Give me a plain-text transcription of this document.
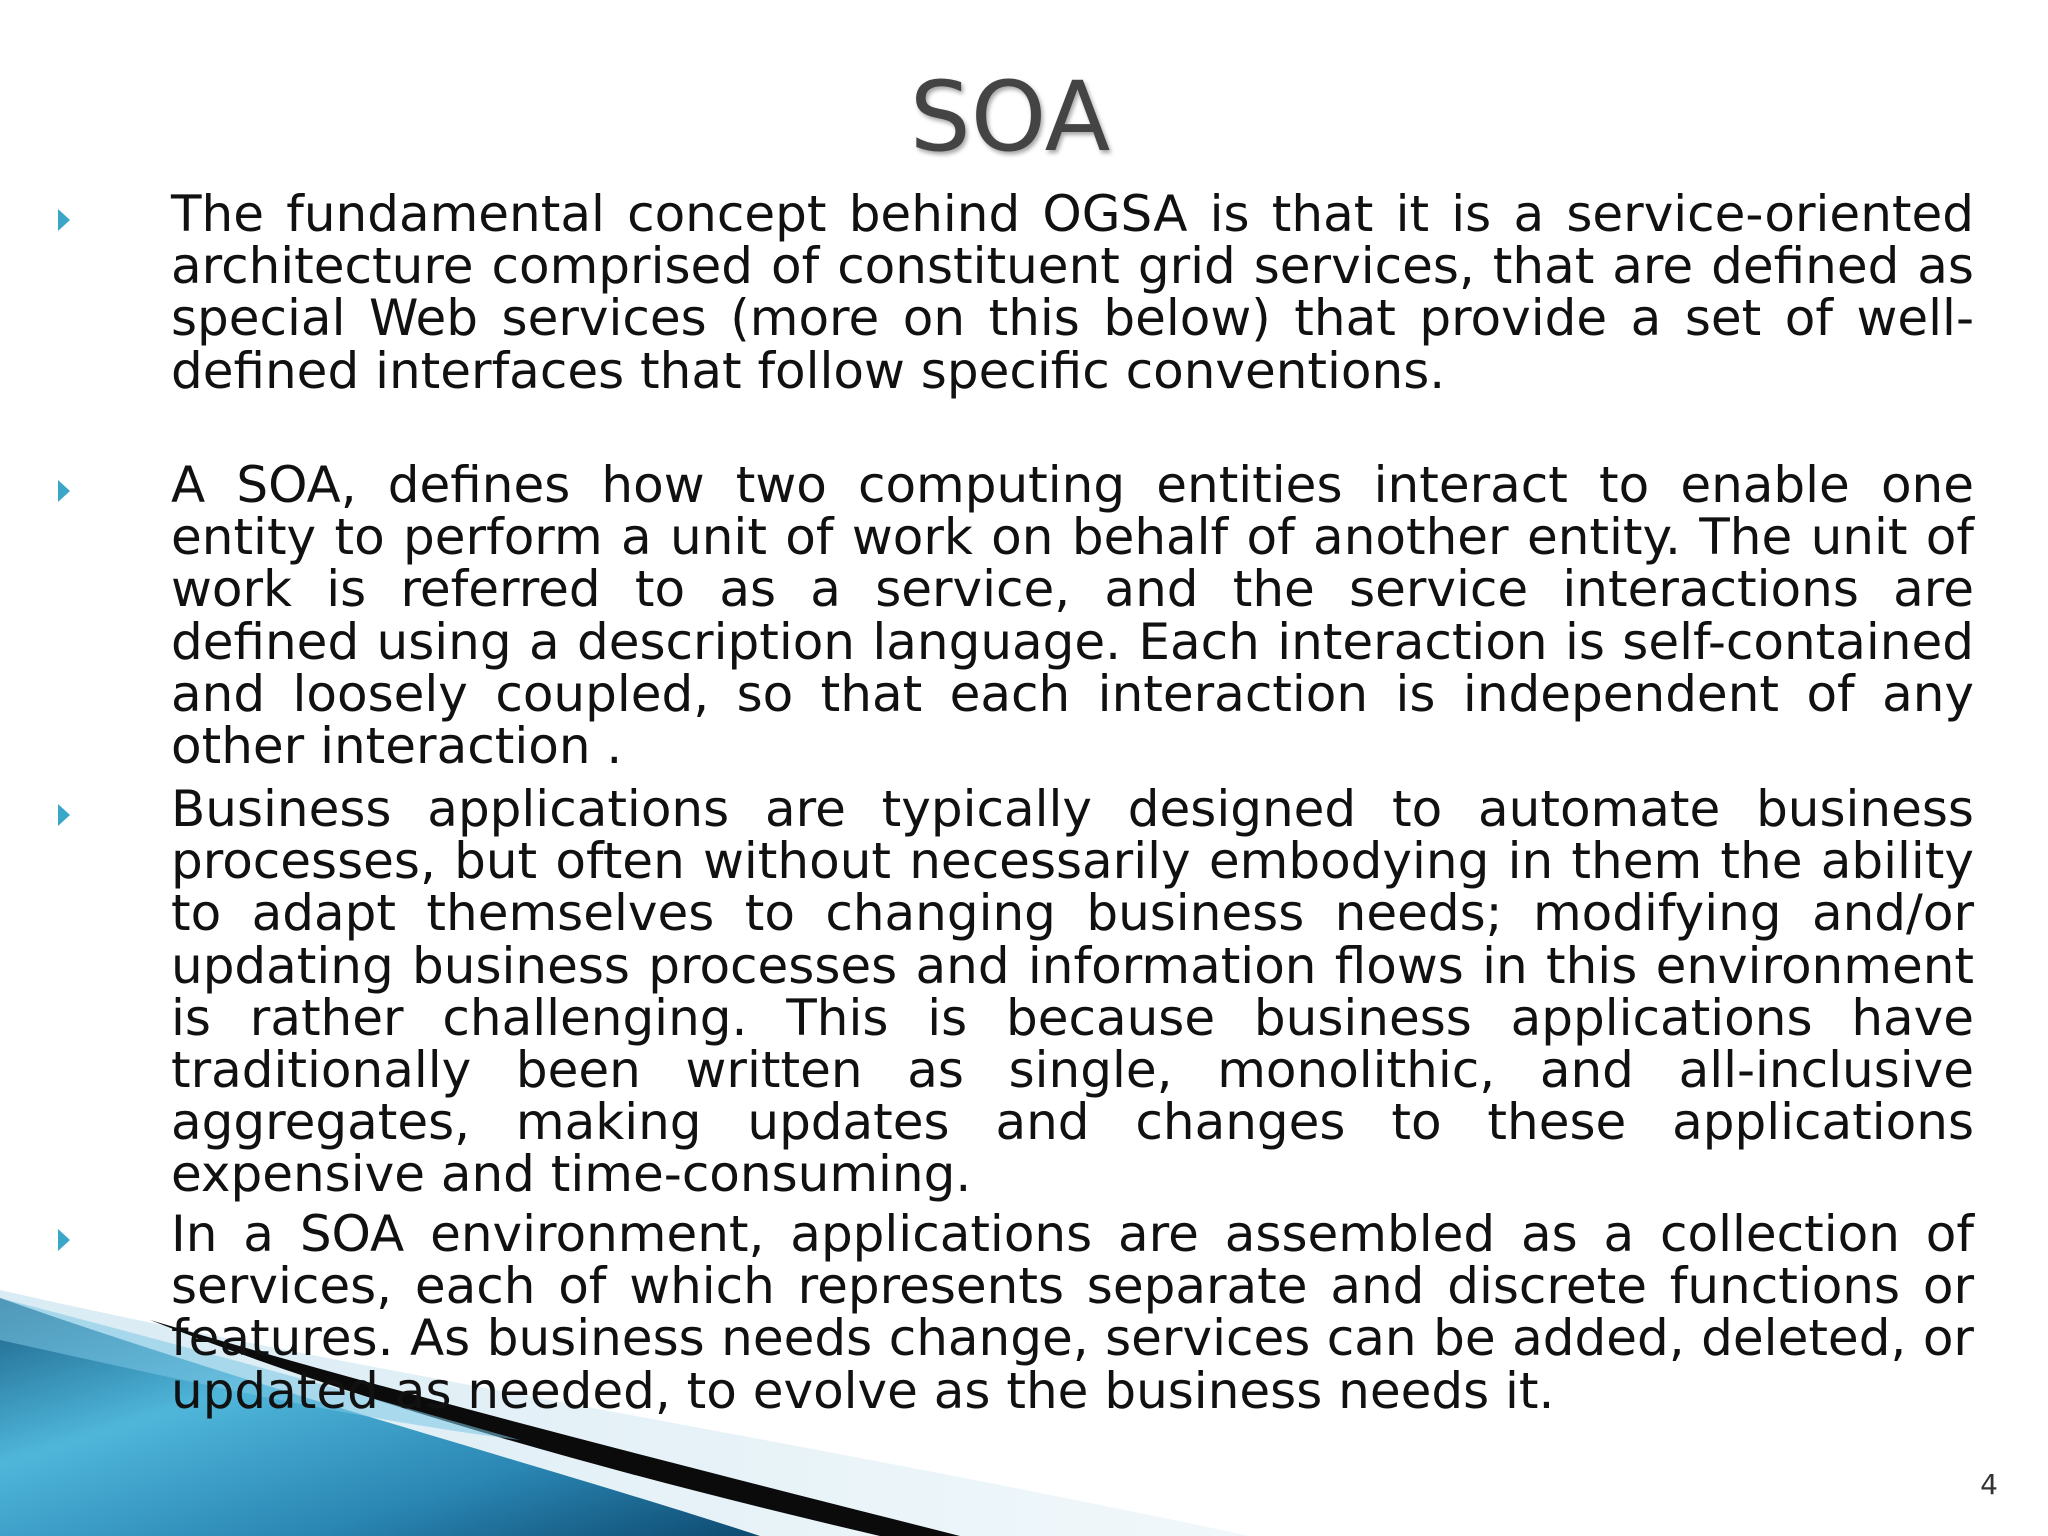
SOA
The fundamental concept behind OGSA is that it is a service-oriented architecture comprised of constituent grid services, that are defined as special Web services (more on this below) that provide a set of well-defined interfaces that follow specific conventions.
A SOA, defines how two computing entities interact to enable one entity to perform a unit of work on behalf of another entity. The unit of work is referred to as a service, and the service interactions are defined using a description language. Each interaction is self-contained and loosely coupled, so that each interaction is independent of any other interaction .
Business applications are typically designed to automate business processes, but often without necessarily embodying in them the ability to adapt themselves to changing business needs; modifying and/or updating business processes and information flows in this environment is rather challenging. This is because business applications have traditionally been written as single, monolithic, and all-inclusive aggregates, making updates and changes to these applications expensive and time-consuming.
In a SOA environment, applications are assembled as a collection of services, each of which represents separate and discrete functions or features. As business needs change, services can be added, deleted, or updated as needed, to evolve as the business needs it.
4
